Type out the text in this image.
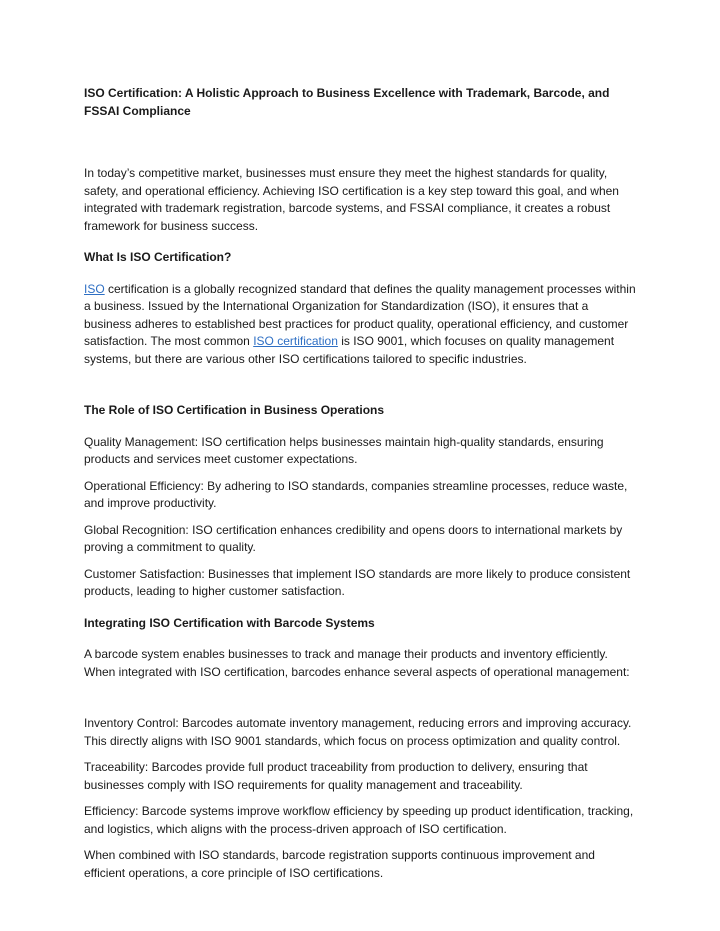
ISO Certification: A Holistic Approach to Business Excellence with Trademark, Barcode, and FSSAI Compliance

In today’s competitive market, businesses must ensure they meet the highest standards for quality, safety, and operational efficiency. Achieving ISO certification is a key step toward this goal, and when integrated with trademark registration, barcode systems, and FSSAI compliance, it creates a robust framework for business success.

What Is ISO Certification?

ISO certification is a globally recognized standard that defines the quality management processes within a business. Issued by the International Organization for Standardization (ISO), it ensures that a business adheres to established best practices for product quality, operational efficiency, and customer satisfaction. The most common ISO certification is ISO 9001, which focuses on quality management systems, but there are various other ISO certifications tailored to specific industries.

The Role of ISO Certification in Business Operations

Quality Management: ISO certification helps businesses maintain high-quality standards, ensuring products and services meet customer expectations.

Operational Efficiency: By adhering to ISO standards, companies streamline processes, reduce waste, and improve productivity.

Global Recognition: ISO certification enhances credibility and opens doors to international markets by proving a commitment to quality.

Customer Satisfaction: Businesses that implement ISO standards are more likely to produce consistent products, leading to higher customer satisfaction.

Integrating ISO Certification with Barcode Systems

A barcode system enables businesses to track and manage their products and inventory efficiently. When integrated with ISO certification, barcodes enhance several aspects of operational management:

Inventory Control: Barcodes automate inventory management, reducing errors and improving accuracy. This directly aligns with ISO 9001 standards, which focus on process optimization and quality control.

Traceability: Barcodes provide full product traceability from production to delivery, ensuring that businesses comply with ISO requirements for quality management and traceability.

Efficiency: Barcode systems improve workflow efficiency by speeding up product identification, tracking, and logistics, which aligns with the process-driven approach of ISO certification.

When combined with ISO standards, barcode registration supports continuous improvement and efficient operations, a core principle of ISO certifications.
